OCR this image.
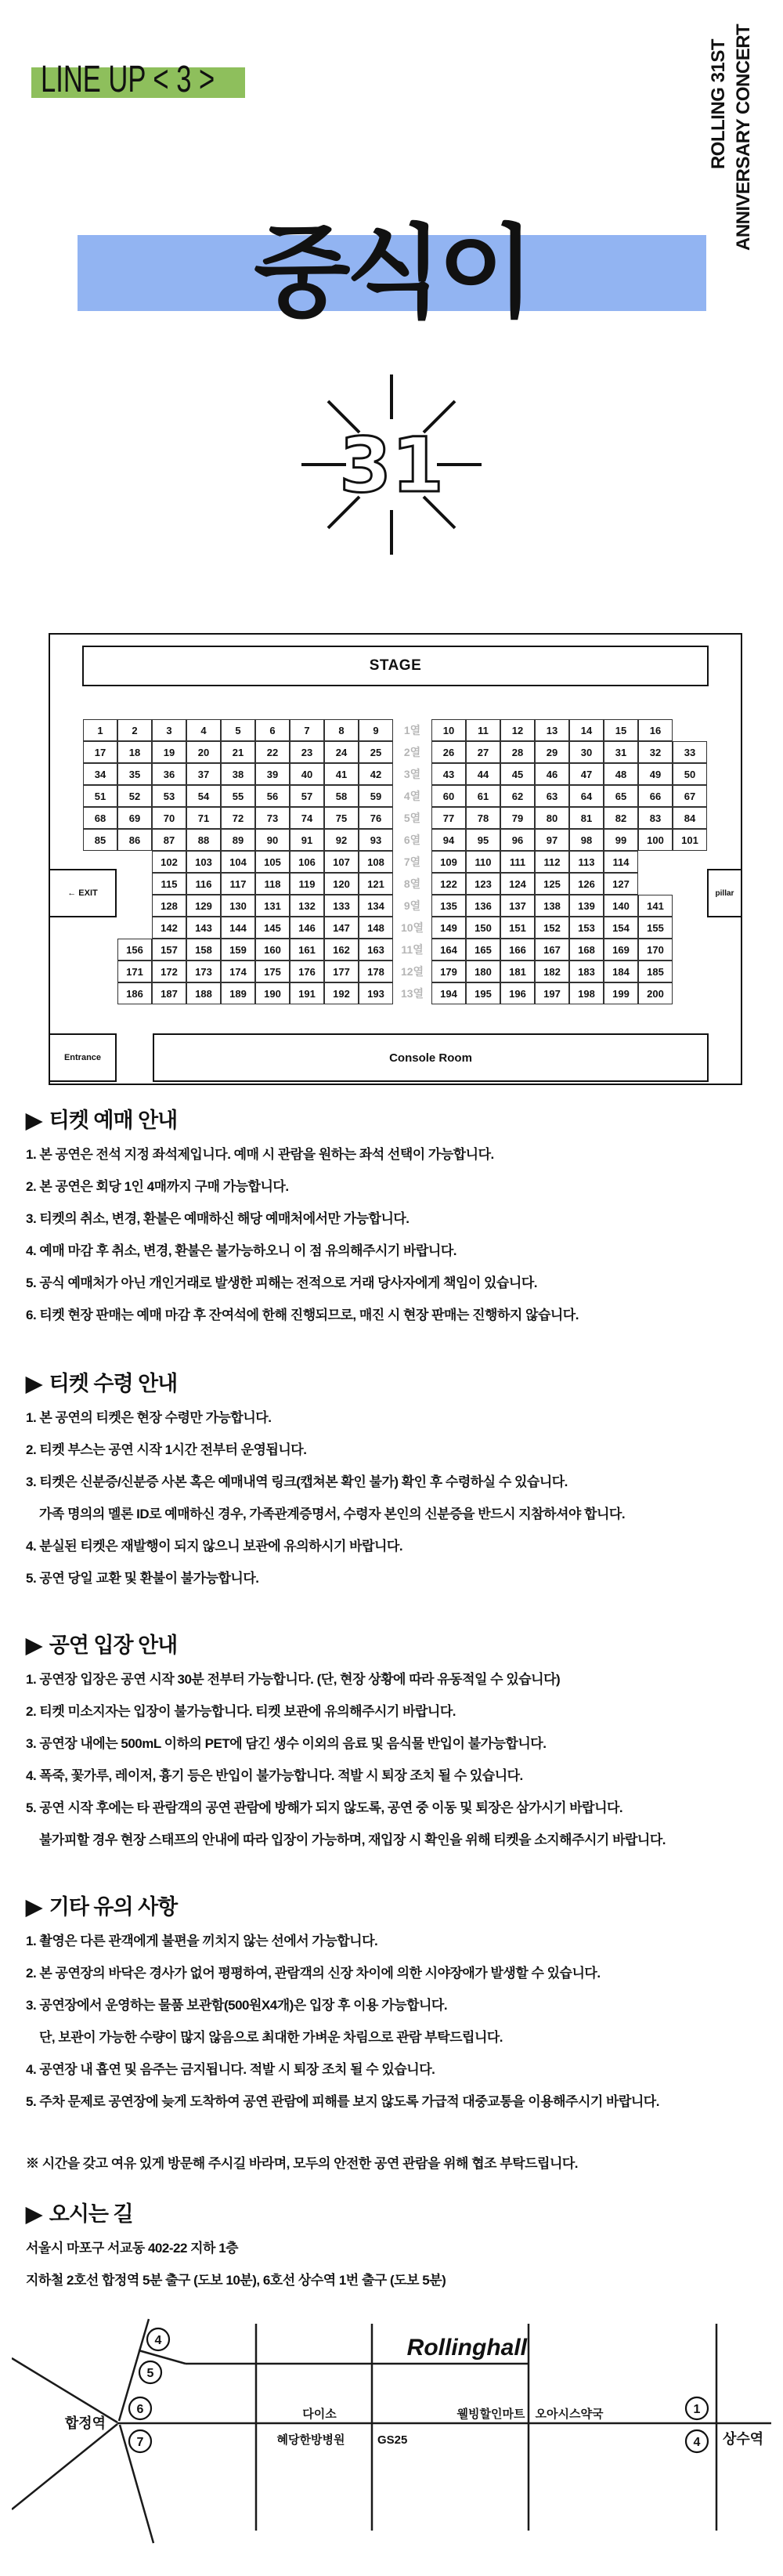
LINE UP < 3 >	ROLLING 31ST ANNIVERSARY CONCERT
중식이
31
STAGE
← EXIT	pillar
Entrance	Console Room
1	2	3	4	5	6	7	8	9	1열	10	11	12	13	14	15	16
17	18	19	20	21	22	23	24	25	2열	26	27	28	29	30	31	32	33
34	35	36	37	38	39	40	41	42	3열	43	44	45	46	47	48	49	50
51	52	53	54	55	56	57	58	59	4열	60	61	62	63	64	65	66	67
68	69	70	71	72	73	74	75	76	5열	77	78	79	80	81	82	83	84
85	86	87	88	89	90	91	92	93	6열	94	95	96	97	98	99	100	101
102	103	104	105	106	107	108	7열	109	110	111	112	113	114
115	116	117	118	119	120	121	8열	122	123	124	125	126	127
128	129	130	131	132	133	134	9열	135	136	137	138	139	140	141
142	143	144	145	146	147	148	10열	149	150	151	152	153	154	155
156	157	158	159	160	161	162	163	11열	164	165	166	167	168	169	170
171	172	173	174	175	176	177	178	12열	179	180	181	182	183	184	185
186	187	188	189	190	191	192	193	13열	194	195	196	197	198	199	200
▶ 티켓 예매 안내

1. 본 공연은 전석 지정 좌석제입니다. 예매 시 관람을 원하는 좌석 선택이 가능합니다.

2. 본 공연은 회당 1인 4매까지 구매 가능합니다.

3. 티켓의 취소, 변경, 환불은 예매하신 해당 예매처에서만 가능합니다.

4. 예매 마감 후 취소, 변경, 환불은 불가능하오니 이 점 유의해주시기 바랍니다.

5. 공식 예매처가 아닌 개인거래로 발생한 피해는 전적으로 거래 당사자에게 책임이 있습니다.

6. 티켓 현장 판매는 예매 마감 후 잔여석에 한해 진행되므로, 매진 시 현장 판매는 진행하지 않습니다.

▶ 티켓 수령 안내

1. 본 공연의 티켓은 현장 수령만 가능합니다.

2. 티켓 부스는 공연 시작 1시간 전부터 운영됩니다.

3. 티켓은 신분증/신분증 사본 혹은 예매내역 링크(캡쳐본 확인 불가) 확인 후 수령하실 수 있습니다.

가족 명의의 멜론 ID로 예매하신 경우, 가족관계증명서, 수령자 본인의 신분증을 반드시 지참하셔야 합니다.

4. 분실된 티켓은 재발행이 되지 않으니 보관에 유의하시기 바랍니다.

5. 공연 당일 교환 및 환불이 불가능합니다.

▶ 공연 입장 안내

1. 공연장 입장은 공연 시작 30분 전부터 가능합니다. (단, 현장 상황에 따라 유동적일 수 있습니다)

2. 티켓 미소지자는 입장이 불가능합니다. 티켓 보관에 유의해주시기 바랍니다.

3. 공연장 내에는 500mL 이하의 PET에 담긴 생수 이외의 음료 및 음식물 반입이 불가능합니다.

4. 폭죽, 꽃가루, 레이저, 흉기 등은 반입이 불가능합니다. 적발 시 퇴장 조치 될 수 있습니다.

5. 공연 시작 후에는 타 관람객의 공연 관람에 방해가 되지 않도록, 공연 중 이동 및 퇴장은 삼가시기 바랍니다.

불가피할 경우 현장 스태프의 안내에 따라 입장이 가능하며, 재입장 시 확인을 위해 티켓을 소지해주시기 바랍니다.

▶ 기타 유의 사항

1. 촬영은 다른 관객에게 불편을 끼치지 않는 선에서 가능합니다.

2. 본 공연장의 바닥은 경사가 없어 평평하여, 관람객의 신장 차이에 의한 시야장애가 발생할 수 있습니다.

3. 공연장에서 운영하는 물품 보관함(500원X4개)은 입장 후 이용 가능합니다.

단, 보관이 가능한 수량이 많지 않음으로 최대한 가벼운 차림으로 관람 부탁드립니다.

4. 공연장 내 흡연 및 음주는 금지됩니다. 적발 시 퇴장 조치 될 수 있습니다.

5. 주차 문제로 공연장에 늦게 도착하여 공연 관람에 피해를 보지 않도록 가급적 대중교통을 이용해주시기 바랍니다.

▶ 오시는 길

서울시 마포구 서교동 402-22 지하 1층

지하철 2호선 합정역 5분 출구 (도보 10분), 6호선 상수역 1번 출구 (도보 5분)

※ 시간을 갖고 여유 있게 방문해 주시길 바라며, 모두의 안전한 공연 관람을 위해 협조 부탁드립니다.

Rollinghall
합정역
다이소	웰빙할인마트 오아시스약국
혜당한방병원	GS25	상수역
4
5
6
7
1
4
